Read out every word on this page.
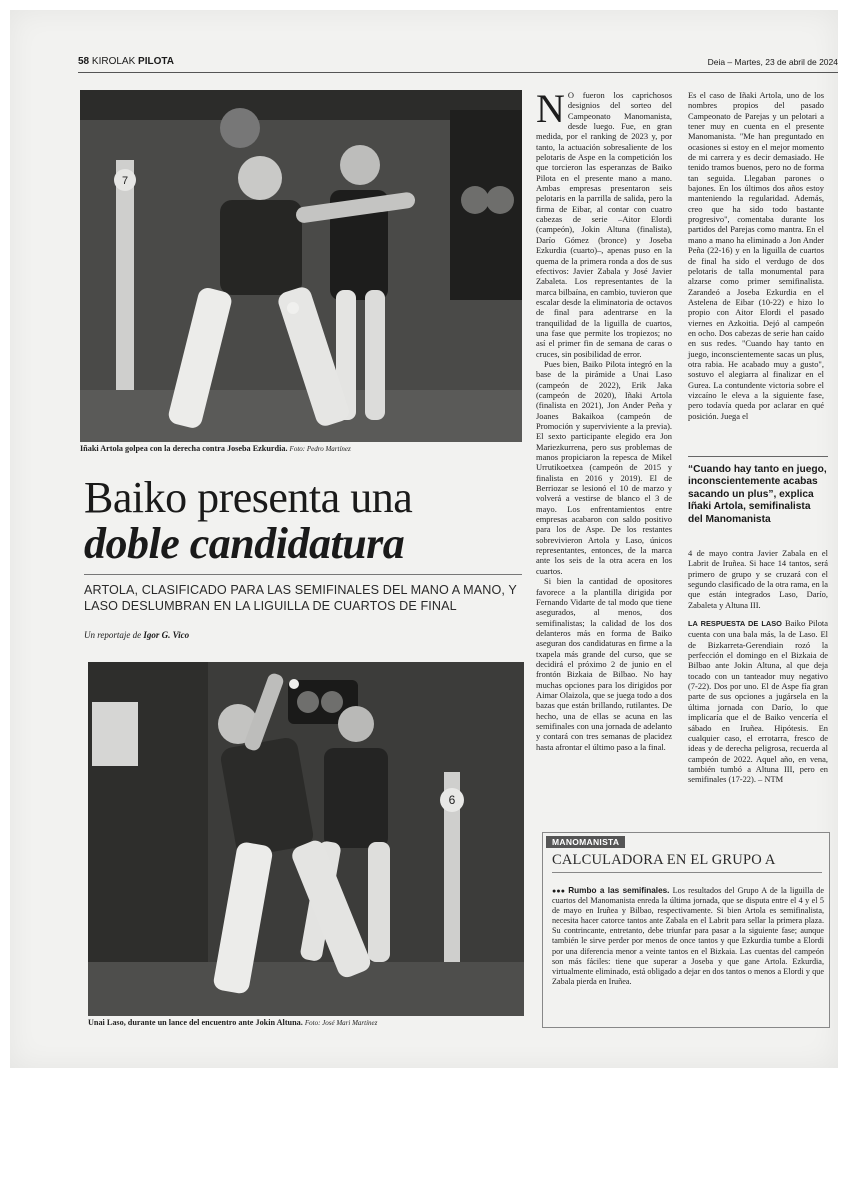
58 KIROLAK PILOTA	Deia – Martes, 23 de abril de 2024
7
Iñaki Artola golpea con la derecha contra Joseba Ezkurdia. Foto: Pedro Martínez
Baiko presenta una
doble candidatura
ARTOLA, CLASIFICADO PARA LAS SEMIFINALES DEL MANO A MANO, Y LASO DESLUMBRAN EN LA LIGUILLA DE CUARTOS DE FINAL
Un reportaje de Igor G. Vico
6
Unai Laso, durante un lance del encuentro ante Jokin Altuna. Foto: José Mari Martínez

N O fueron los caprichosos designios del sorteo del Campeonato Manomanista, desde luego. Fue, en gran medida, por el ranking de 2023 y, por tanto, la actuación sobresaliente de los pelotaris de Aspe en la competición los que torcieron las esperanzas de Baiko Pilota en el presente mano a mano. Ambas empresas presentaron seis pelotaris en la parrilla de salida, pero la firma de Eibar, al contar con cuatro cabezas de serie –Aitor Elordi (campeón), Jokin Altuna (finalista), Darío Gómez (bronce) y Joseba Ezkurdia (cuarto)–, apenas puso en la quema de la primera ronda a dos de sus efectivos: Javier Zabala y José Javier Zabaleta. Los representantes de la marca bilbaína, en cambio, tuvieron que escalar desde la eliminatoria de octavos de final para adentrarse en la tranquilidad de la liguilla de cuartos, una fase que permite los tropiezos; no así el primer fin de semana de caras o cruces, sin posibilidad de error.

Pues bien, Baiko Pilota integró en la base de la pirámide a Unai Laso (campeón de 2022), Erik Jaka (campeón de 2020), Iñaki Artola (finalista en 2021), Jon Ander Peña y Joanes Bakaikoa (campeón de Promoción y superviviente a la previa). El sexto participante elegido era Jon Mariezkurrena, pero sus problemas de manos propiciaron la repesca de Mikel Urrutikoetxea (campeón de 2015 y finalista en 2016 y 2019). El de Berriozar se lesionó el 10 de marzo y volverá a vestirse de blanco el 3 de mayo. Los enfrentamientos entre empresas acabaron con saldo positivo para los de Aspe. De los restantes sobrevivieron Artola y Laso, únicos representantes, entonces, de la marca ante los seis de la otra acera en los cuartos.

Si bien la cantidad de opositores favorece a la plantilla dirigida por Fernando Vidarte de tal modo que tiene asegurados, al menos, dos semifinalistas; la calidad de los dos delanteros más en forma de Baiko aseguran dos candidaturas en firme a la txapela más grande del curso, que se decidirá el próximo 2 de junio en el frontón Bizkaia de Bilbao. No hay muchas opciones para los dirigidos por Aimar Olaizola, que se juega todo a dos bazas que están brillando, rutilantes. De hecho, una de ellas se acuna en las semifinales con una jornada de adelanto y contará con tres semanas de placidez hasta afrontar el último paso a la final.

Es el caso de Iñaki Artola, uno de los nombres propios del pasado Campeonato de Parejas y un pelotari a tener muy en cuenta en el presente Manomanista. "Me han preguntado en ocasiones si estoy en el mejor momento de mi carrera y es decir demasiado. He tenido tramos buenos, pero no de forma tan seguida. Llegaban parones o bajones. En los últimos dos años estoy manteniendo la regularidad. Además, creo que ha sido todo bastante progresivo", comentaba durante los partidos del Parejas como mantra. En el mano a mano ha eliminado a Jon Ander Peña (22-16) y en la liguilla de cuartos de final ha sido el verdugo de dos pelotaris de talla monumental para alzarse como primer semifinalista. Zarandeó a Joseba Ezkurdia en el Astelena de Eibar (10-22) e hizo lo propio con Aitor Elordi el pasado viernes en Azkoitia. Dejó al campeón en ocho. Dos cabezas de serie han caído en sus redes. "Cuando hay tanto en juego, inconscientemente sacas un plus, otra rabia. He acabado muy a gusto", sostuvo el alegiarra al finalizar en el Gurea. La contundente victoria sobre el vizcaíno le eleva a la siguiente fase, pero todavía queda por aclarar en qué posición. Juega el

“Cuando hay tanto en juego, inconscientemente acabas sacando un plus”, explica Iñaki Artola, semifinalista del Manomanista

4 de mayo contra Javier Zabala en el Labrit de Iruñea. Si hace 14 tantos, será primero de grupo y se cruzará con el segundo clasificado de la otra rama, en la que están integrados Laso, Darío, Zabaleta y Altuna III.

LA RESPUESTA DE LASO Baiko Pilota cuenta con una bala más, la de Laso. El de Bizkarreta-Gerendiain rozó la perfección el domingo en el Bizkaia de Bilbao ante Jokin Altuna, al que deja tocado con un tanteador muy negativo (7-22). Dos por uno. El de Aspe fía gran parte de sus opciones a jugársela en la última jornada con Darío, lo que implicaría que el de Baiko vencería el sábado en Iruñea. Hipótesis. En cualquier caso, el errotarra, fresco de ideas y de derecha peligrosa, recuerda al campeón de 2022. Aquel año, en vena, también tumbó a Altuna III, pero en semifinales (17-22). – NTM

MANOMANISTA
CALCULADORA EN EL GRUPO A
●●● Rumbo a las semifinales. Los resultados del Grupo A de la liguilla de cuartos del Manomanista enreda la última jornada, que se disputa entre el 4 y el 5 de mayo en Iruñea y Bilbao, respectivamente. Si bien Artola es semifinalista, necesita hacer catorce tantos ante Zabala en el Labrit para sellar la primera plaza. Su contrincante, entretanto, debe triunfar para pasar a la siguiente fase; aunque también le sirve perder por menos de once tantos y que Ezkurdia tumbe a Elordi por una diferencia menor a veinte tantos en el Bizkaia. Las cuentas del campeón son más fáciles: tiene que superar a Joseba y que gane Artola. Ezkurdia, virtualmente eliminado, está obligado a dejar en dos tantos o menos a Elordi y que Zabala pierda en Iruñea.
